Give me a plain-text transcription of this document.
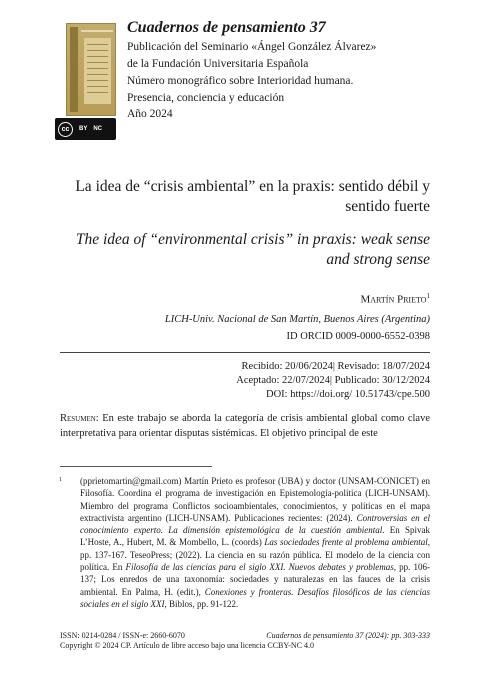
cc BY NC
Cuadernos de pensamiento 37
Publicación del Seminario «Ángel González Álvarez»
de la Fundación Universitaria Española
Número monográfico sobre Interioridad humana.
Presencia, conciencia y educación
Año 2024
La idea de “crisis ambiental” en la praxis: sentido débil y sentido fuerte
The idea of “environmental crisis” in praxis: weak sense and strong sense
Martín Prieto$^1$
LICH-Univ. Nacional de San Martín, Buenos Aires (Argentina)
ID ORCID 0009-0000-6552-0398
Recibido: 20/06/2024| Revisado: 18/07/2024
Aceptado: 22/07/2024| Publicado: 30/12/2024
DOI: https://doi.org/ 10.51743/cpe.500
Resumen: En este trabajo se aborda la categoría de crisis ambiental global como clave interpretativa para orientar disputas sistémicas. El objetivo principal de este
1	(pprietomartin@gmail.com) Martín Prieto es profesor (UBA) y doctor (UNSAM-CONICET) en Filosofía. Coordina el programa de investigación en Epistemología-política (LICH-UNSAM). Miembro del programa Conflictos socioambientales, conocimientos, y políticas en el mapa extractivista argentino (LICH-UNSAM). Publicaciones recientes: (2024). Controversias en el conocimiento experto. La dimensión epistemológica de la cuestión ambiental. En Spivak L’Hoste, A., Hubert, M. & Mombello, L. (coords) Las sociedades frente al problema ambiental, pp. 137-167. TeseoPress; (2022). La ciencia en su razón pública. El modelo de la ciencia con política. En Filosofía de las ciencias para el siglo XXI. Nuevos debates y problemas, pp. 106-137; Los enredos de una taxonomía: sociedades y naturalezas en las fauces de la crisis ambiental. En Palma, H. (edit.), Conexiones y fronteras. Desafíos filosóficos de las ciencias sociales en el siglo XXI, Biblos, pp. 91-122.
ISSN: 0214-0284 / ISSN-e: 2660-6070	Cuadernos de pensamiento 37 (2024): pp. 303-333
Copyright © 2024 CP. Artículo de libre acceso bajo una licencia CCBY-NC 4.0
